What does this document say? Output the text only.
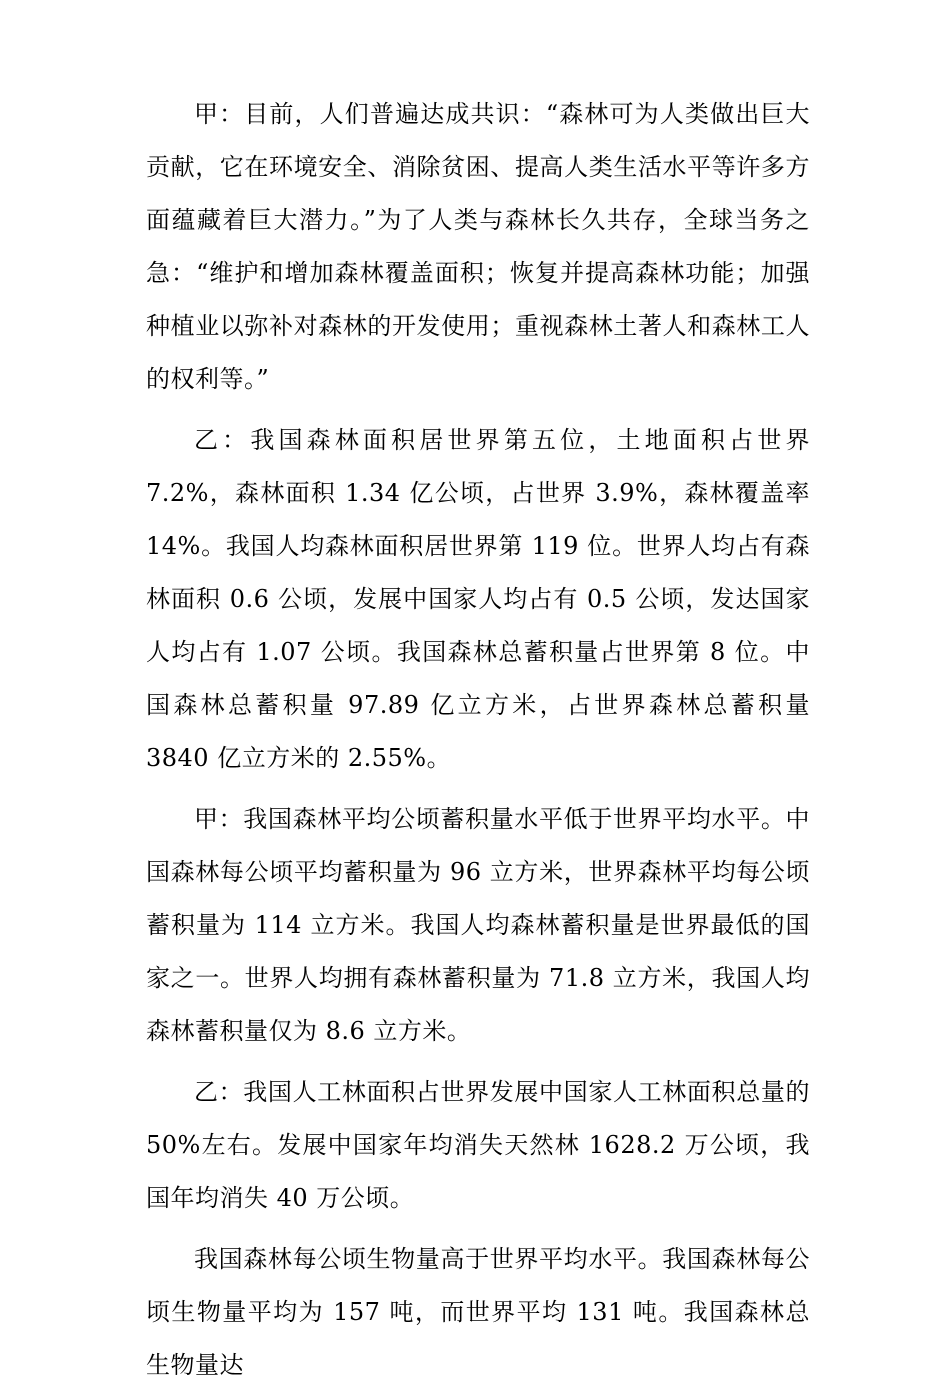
甲：目前，人们普遍达成共识：“森林可为人类做出巨大贡献，它在环境安全、消除贫困、提高人类生活水平等许多方面蕴藏着巨大潜力。”为了人类与森林长久共存，全球当务之急：“维护和增加森林覆盖面积；恢复并提高森林功能；加强种植业以弥补对森林的开发使用；重视森林土著人和森林工人的权利等。”

乙：我国森林面积居世界第五位，土地面积占世界7.2%，森林面积 1.34 亿公顷，占世界 3.9%，森林覆盖率 14%。我国人均森林面积居世界第 119 位。世界人均占有森林面积 0.6 公顷，发展中国家人均占有 0.5 公顷，发达国家人均占有 1.07 公顷。我国森林总蓄积量占世界第 8 位。中国森林总蓄积量 97.89 亿立方米，占世界森林总蓄积量 3840 亿立方米的 2.55%。

甲：我国森林平均公顷蓄积量水平低于世界平均水平。中国森林每公顷平均蓄积量为 96 立方米，世界森林平均每公顷蓄积量为 114 立方米。我国人均森林蓄积量是世界最低的国家之一。世界人均拥有森林蓄积量为 71.8 立方米，我国人均森林蓄积量仅为 8.6 立方米。

乙：我国人工林面积占世界发展中国家人工林面积总量的50%左右。发展中国家年均消失天然林 1628.2 万公顷，我国年均消失 40 万公顷。

我国森林每公顷生物量高于世界平均水平。我国森林每公顷生物量平均为 157 吨，而世界平均 131 吨。我国森林总生物量达
